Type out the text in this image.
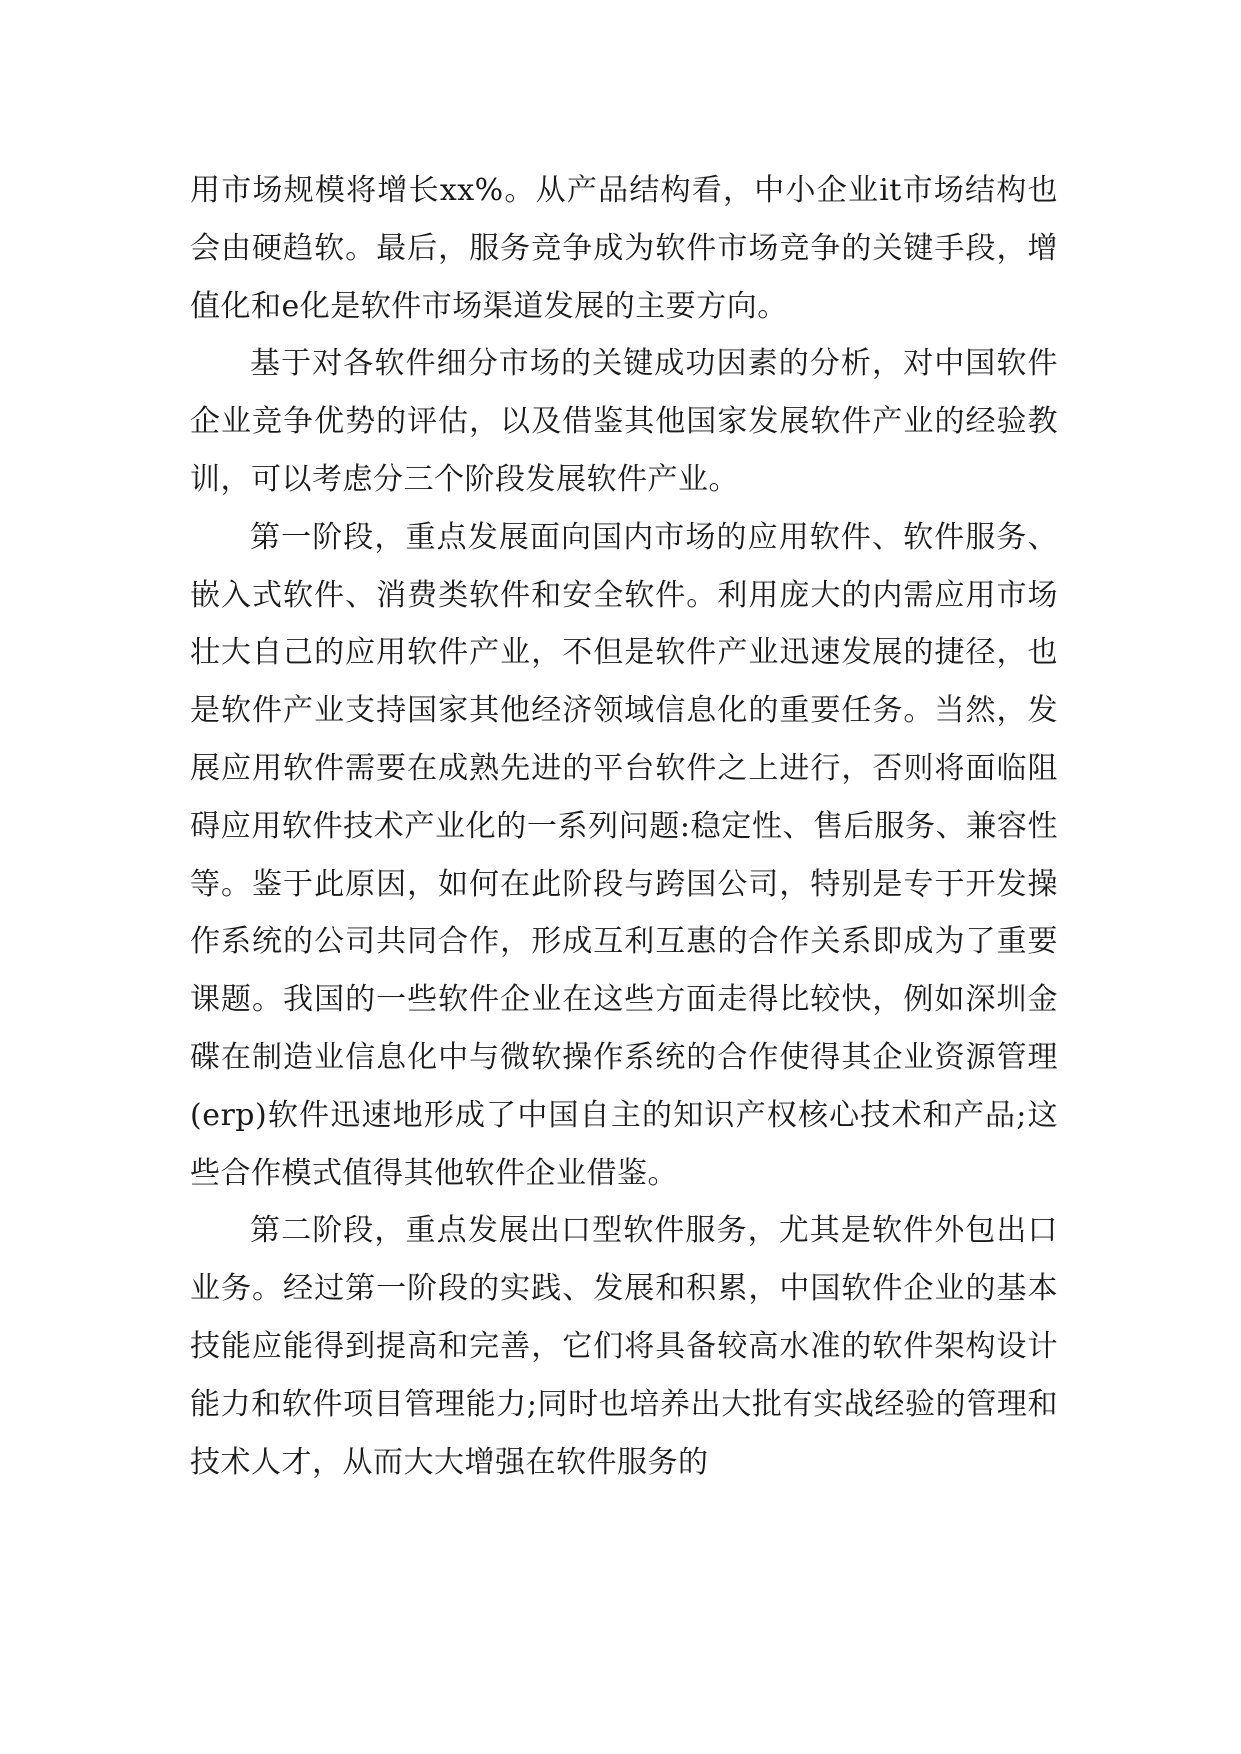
用市场规模将增长xx%。从产品结构看，中小企业it市场结构也会由硬趋软。最后，服务竞争成为软件市场竞争的关键手段，增值化和e化是软件市场渠道发展的主要方向。

基于对各软件细分市场的关键成功因素的分析，对中国软件企业竞争优势的评估，以及借鉴其他国家发展软件产业的经验教训，可以考虑分三个阶段发展软件产业。

第一阶段，重点发展面向国内市场的应用软件、软件服务、嵌入式软件、消费类软件和安全软件。利用庞大的内需应用市场壮大自己的应用软件产业，不但是软件产业迅速发展的捷径，也是软件产业支持国家其他经济领域信息化的重要任务。当然，发展应用软件需要在成熟先进的平台软件之上进行，否则将面临阻碍应用软件技术产业化的一系列问题:稳定性、售后服务、兼容性等。鉴于此原因，如何在此阶段与跨国公司，特别是专于开发操作系统的公司共同合作，形成互利互惠的合作关系即成为了重要课题。我国的一些软件企业在这些方面走得比较快，例如深圳金碟在制造业信息化中与微软操作系统的合作使得其企业资源管理(erp)软件迅速地形成了中国自主的知识产权核心技术和产品;这些合作模式值得其他软件企业借鉴。

第二阶段，重点发展出口型软件服务，尤其是软件外包出口业务。经过第一阶段的实践、发展和积累，中国软件企业的基本技能应能得到提高和完善，它们将具备较高水准的软件架构设计能力和软件项目管理能力;同时也培养出大批有实战经验的管理和技术人才，从而大大增强在软件服务的
